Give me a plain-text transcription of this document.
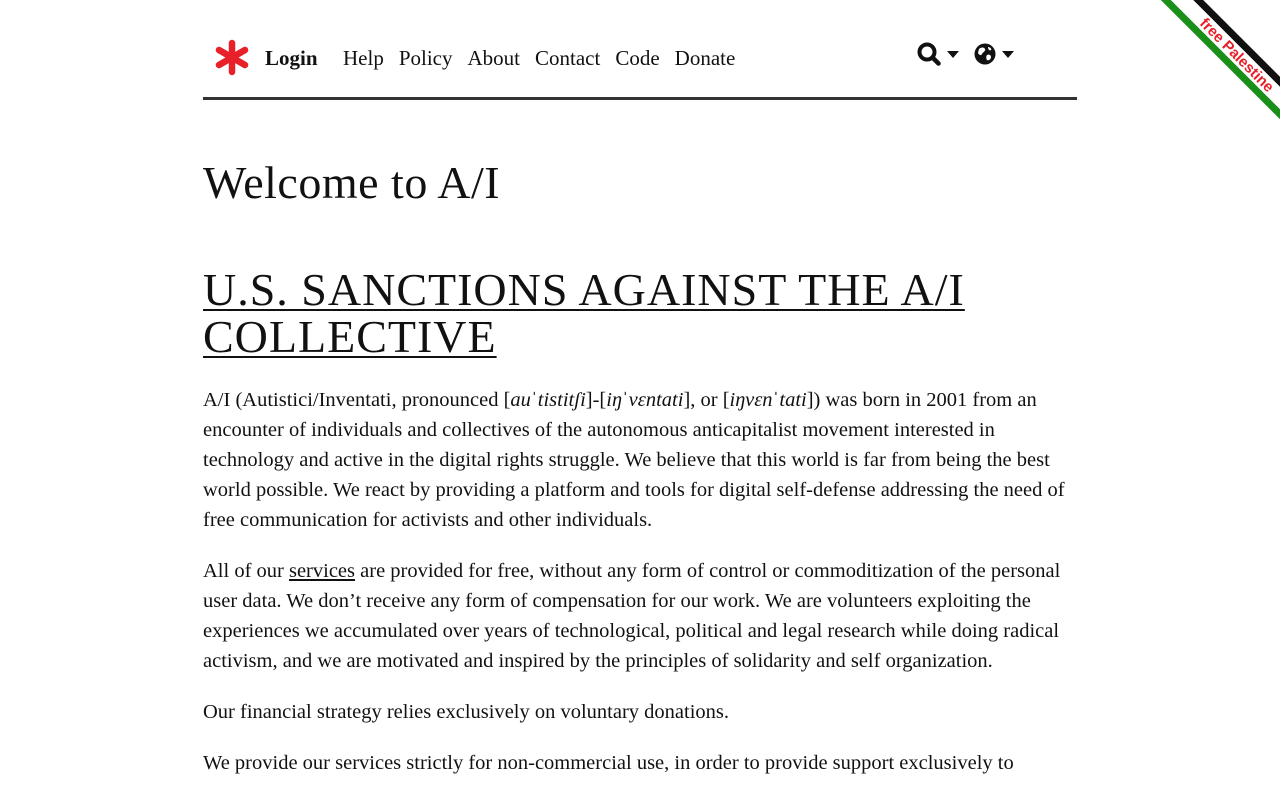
free Palestine
Login Help Policy About Contact Code Donate
Welcome to A/I
U.S. SANCTIONS AGAINST THE A/I COLLECTIVE

A/I (Autistici/Inventati, pronounced [auˈtistitʃi]-[iŋˈvɛntati], or [iŋvɛnˈtati]) was born in 2001 from an encounter of individuals and collectives of the autonomous anticapitalist movement interested in technology and active in the digital rights struggle. We believe that this world is far from being the best world possible. We react by providing a platform and tools for digital self-defense addressing the need of free communication for activists and other individuals.

All of our services are provided for free, without any form of control or commoditization of the personal user data. We don’t receive any form of compensation for our work. We are volunteers exploiting the experiences we accumulated over years of technological, political and legal research while doing radical activism, and we are motivated and inspired by the principles of solidarity and self organization.

Our financial strategy relies exclusively on voluntary donations.

We provide our services strictly for non-commercial use, in order to provide support exclusively to
